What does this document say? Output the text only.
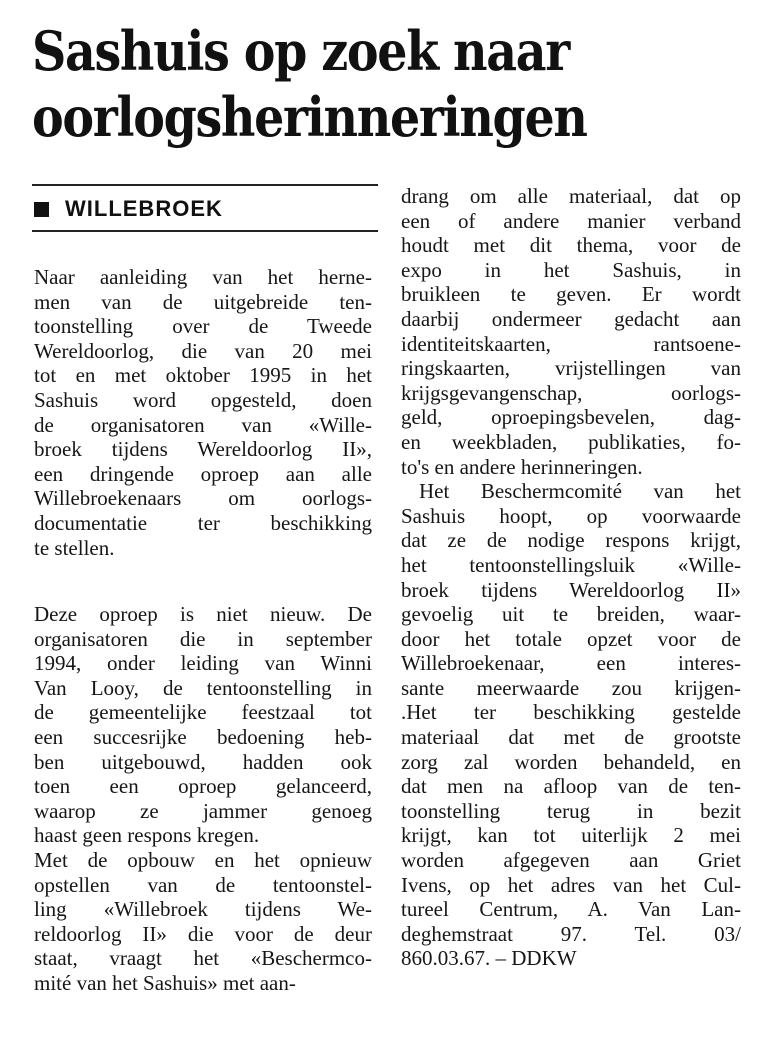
Sashuis op zoek naar
oorlogsherinneringen
WILLEBROEK

Naar aanleiding van het herne-
men van de uitgebreide ten-
toonstelling over de Tweede
Wereldoorlog, die van 20 mei
tot en met oktober 1995 in het
Sashuis word opgesteld, doen
de organisatoren van «Wille-
broek tijdens Wereldoorlog II»,
een dringende oproep aan alle
Willebroekenaars om oorlogs-
documentatie ter beschikking
te stellen.

Deze oproep is niet nieuw. De
organisatoren die in september
1994, onder leiding van Winni
Van Looy, de tentoonstelling in
de gemeentelijke feestzaal tot
een succesrijke bedoening heb-
ben uitgebouwd, hadden ook
toen een oproep gelanceerd,
waarop ze jammer genoeg
haast geen respons kregen.
Met de opbouw en het opnieuw
opstellen van de tentoonstel-
ling «Willebroek tijdens We-
reldoorlog II» die voor de deur
staat, vraagt het «Beschermco-
mité van het Sashuis» met aan-

drang om alle materiaal, dat op
een of andere manier verband
houdt met dit thema, voor de
expo in het Sashuis, in
bruikleen te geven. Er wordt
daarbij ondermeer gedacht aan
identiteitskaarten, rantsoene-
ringskaarten, vrijstellingen van
krijgsgevangenschap, oorlogs-
geld, oproepingsbevelen, dag-
en weekbladen, publikaties, fo-
to's en andere herinneringen.

Het Beschermcomité van het
Sashuis hoopt, op voorwaarde
dat ze de nodige respons krijgt,
het tentoonstellingsluik «Wille-
broek tijdens Wereldoorlog II»
gevoelig uit te breiden, waar-
door het totale opzet voor de
Willebroekenaar, een interes-
sante meerwaarde zou krijgen-
.Het ter beschikking gestelde
materiaal dat met de grootste
zorg zal worden behandeld, en
dat men na afloop van de ten-
toonstelling terug in bezit
krijgt, kan tot uiterlijk 2 mei
worden afgegeven aan Griet
Ivens, op het adres van het Cul-
tureel Centrum, A. Van Lan-
deghemstraat 97. Tel. 03/
860.03.67. – DDKW
